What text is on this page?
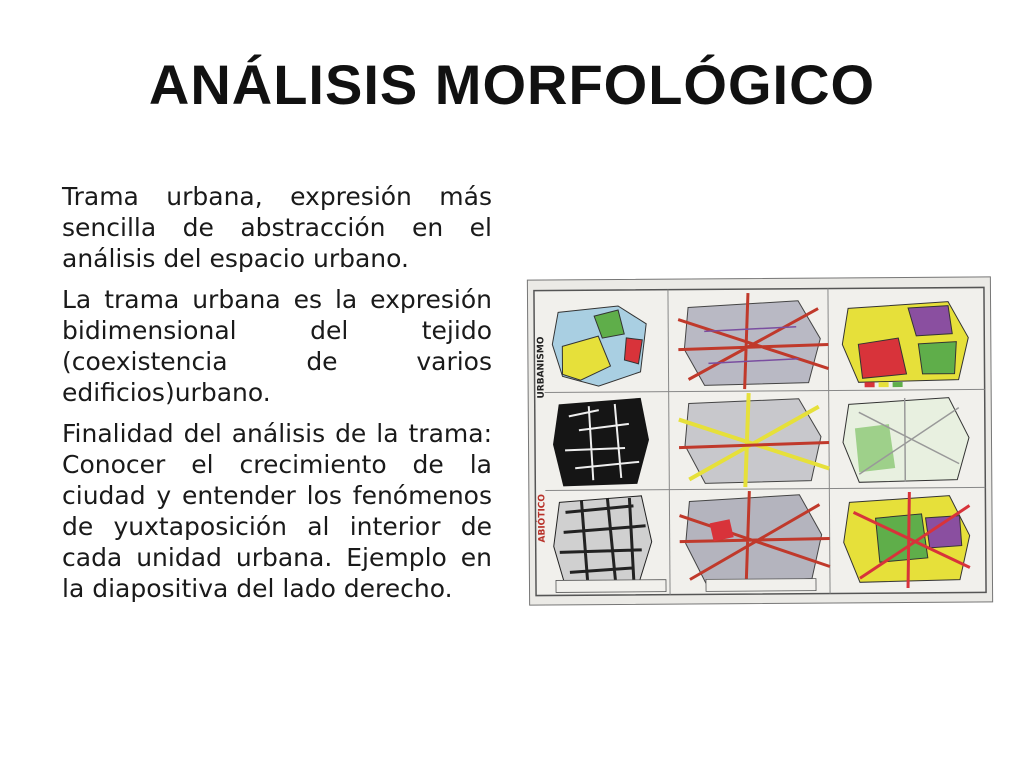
ANÁLISIS MORFOLÓGICO

Trama urbana, expresión más sencilla de abstracción en el análisis del espacio urbano.

La trama urbana es la expresión bidimensional del tejido (coexistencia de varios edificios)urbano.

Finalidad del análisis de la trama: Conocer el crecimiento de la ciudad y entender los fenómenos de yuxtaposición al interior de cada unidad urbana. Ejemplo en la diapositiva del lado derecho.

URBANISMO
ABIÓTICO
